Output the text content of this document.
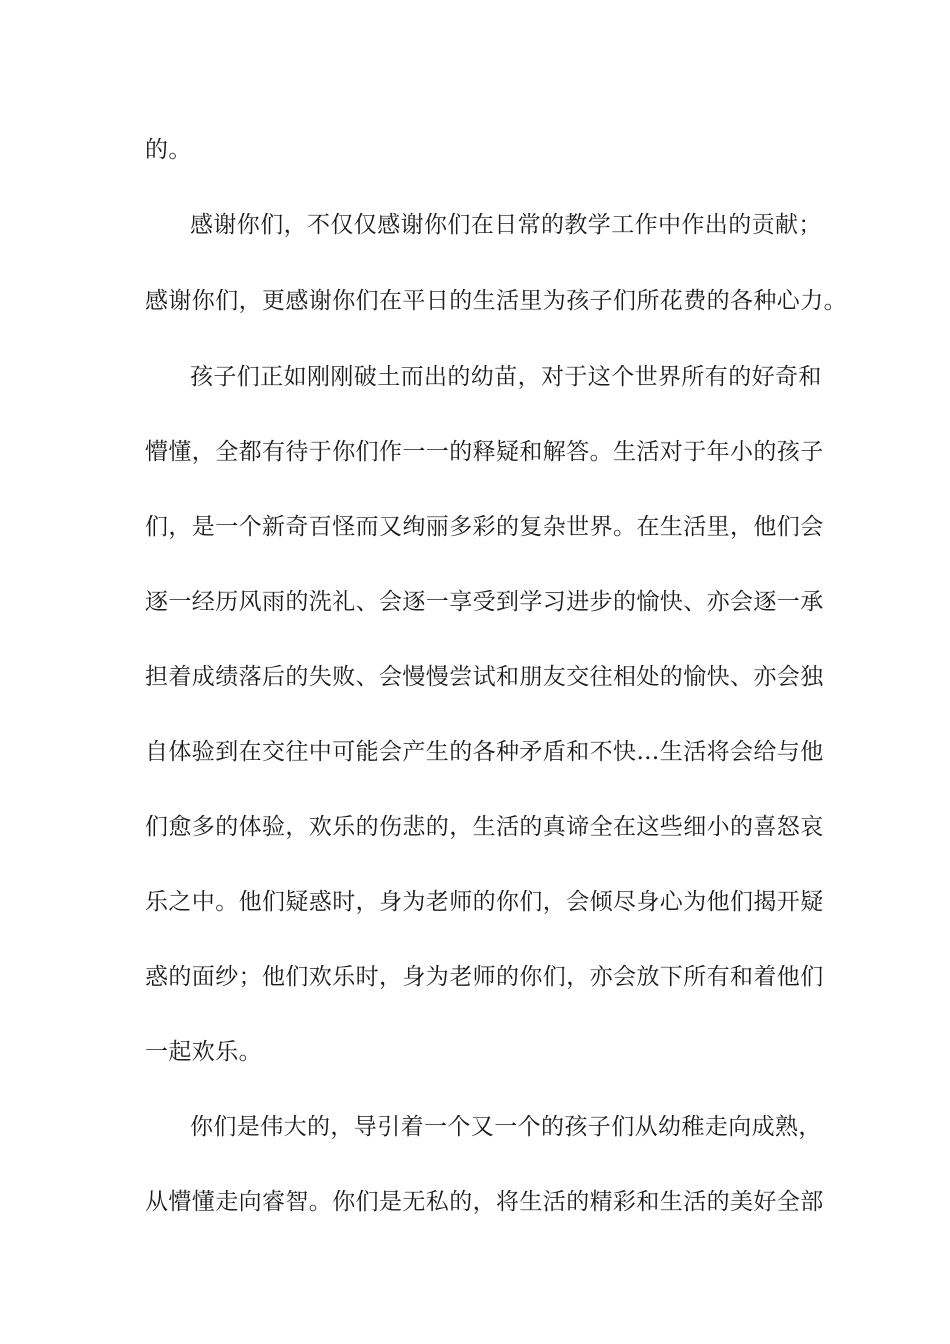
的。
感谢你们，不仅仅感谢你们在日常的教学工作中作出的贡献；
感谢你们，更感谢你们在平日的生活里为孩子们所花费的各种心力。
孩子们正如刚刚破土而出的幼苗，对于这个世界所有的好奇和
懵懂，全都有待于你们作一一的释疑和解答。生活对于年小的孩子
们，是一个新奇百怪而又绚丽多彩的复杂世界。在生活里，他们会
逐一经历风雨的洗礼、会逐一享受到学习进步的愉快、亦会逐一承
担着成绩落后的失败、会慢慢尝试和朋友交往相处的愉快、亦会独
自体验到在交往中可能会产生的各种矛盾和不快…生活将会给与他
们愈多的体验，欢乐的伤悲的，生活的真谛全在这些细小的喜怒哀
乐之中。他们疑惑时，身为老师的你们，会倾尽身心为他们揭开疑
惑的面纱；他们欢乐时，身为老师的你们，亦会放下所有和着他们
一起欢乐。
你们是伟大的，导引着一个又一个的孩子们从幼稚走向成熟，
从懵懂走向睿智。你们是无私的，将生活的精彩和生活的美好全部
